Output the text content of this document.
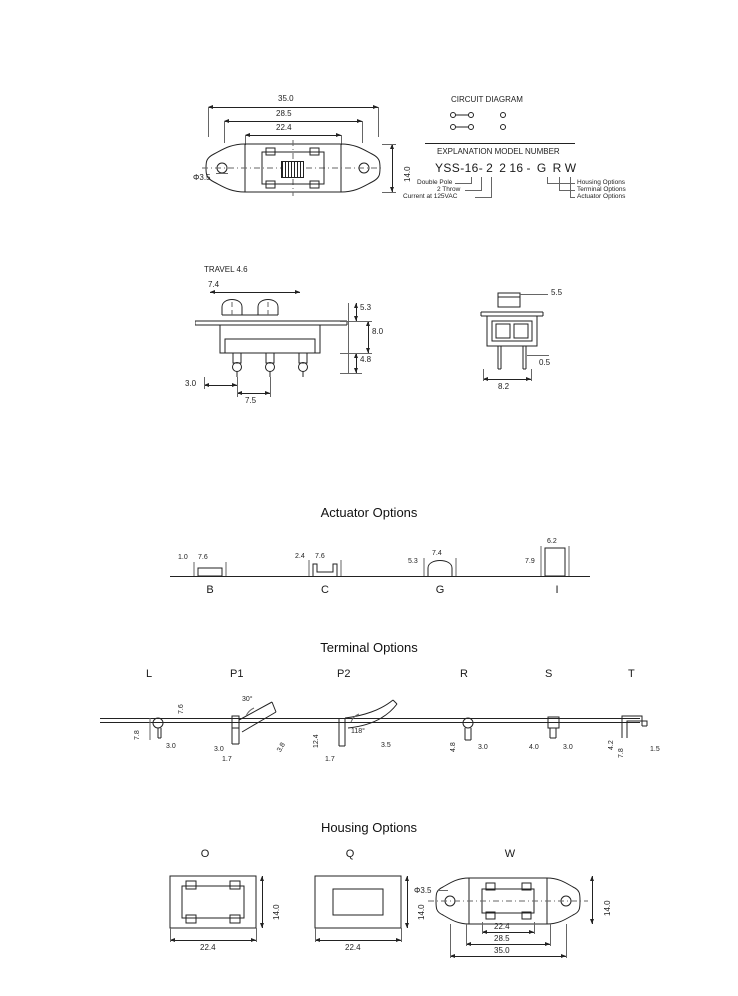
35.0
28.5
22.4
Φ3.5	14.0
CIRCUIT DIAGRAM
EXPLANATION MODEL NUMBER
YSS-16- 2 2 16 - G R W
Double Pole
2 Throw
Current at 125VAC
Housing Options
Terminal Options
Actuator Options
TRAVEL 4.6
7.4
5.3
8.0
4.8
3.0
7.5
5.5
0.5
8.2
Actuator Options
1.0 7.6
B
2.4 7.6
C
5.3
7.4
G
7.9
6.2
I
Terminal Options
L
7.6
7.8
3.0
P1
30°
3.8
3.0
1.7
P2
12.4
118°
3.5
1.7
R
4.8	3.0
S
4.0	3.0
T
4.2
7.8	1.5
Housing Options
O
14.0
22.4
Q
14.0
22.4
W
Φ3.5
14.0
22.4
28.5
35.0
